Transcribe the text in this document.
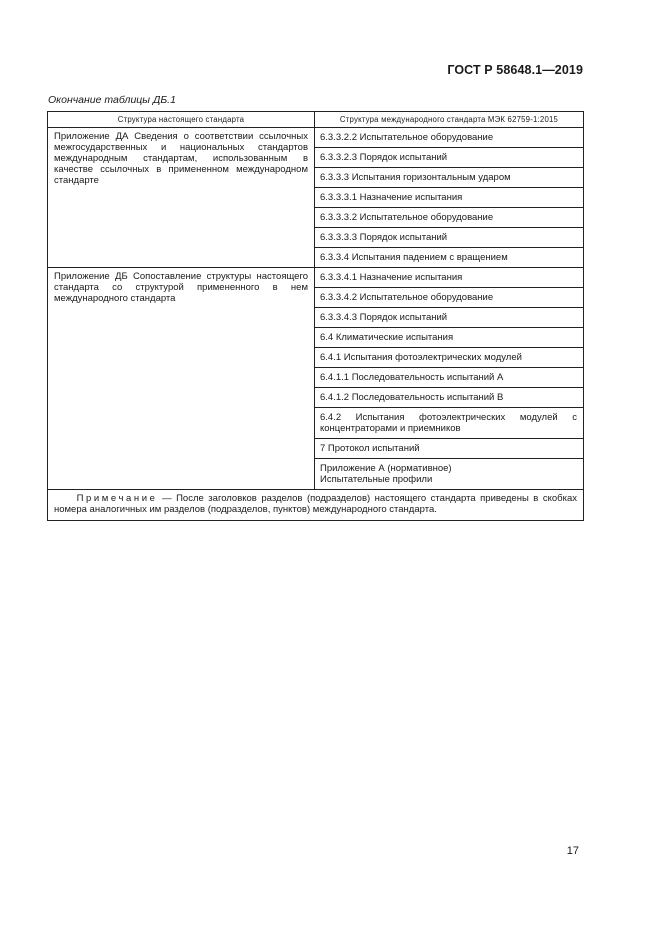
ГОСТ Р 58648.1—2019
Окончание таблицы ДБ.1
Структура настоящего стандарта	Структура международного стандарта МЭК 62759-1:2015
Приложение ДА Сведения о соответствии ссылочных межгосударственных и национальных стандартов международным стандартам, использованным в качестве ссылочных в примененном международном стандарте	6.3.3.2.2 Испытательное оборудование
	6.3.3.2.3 Порядок испытаний
	6.3.3.3 Испытания горизонтальным ударом
	6.3.3.3.1 Назначение испытания
	6.3.3.3.2 Испытательное оборудование
	6.3.3.3.3 Порядок испытаний
	6.3.3.4 Испытания падением с вращением
Приложение ДБ Сопоставление структуры настоящего стандарта со структурой примененного в нем международного стандарта	6.3.3.4.1 Назначение испытания
	6.3.3.4.2 Испытательное оборудование
	6.3.3.4.3 Порядок испытаний
	6.4 Климатические испытания
	6.4.1 Испытания фотоэлектрических модулей
	6.4.1.1 Последовательность испытаний А
	6.4.1.2 Последовательность испытаний В
	6.4.2 Испытания фотоэлектрических модулей с концентраторами и приемников
	7 Протокол испытаний

	Приложение А (нормативное)
Испытательные профили

Примечание — После заголовков разделов (подразделов) настоящего стандарта приведены в скобках номера аналогичных им разделов (подразделов, пунктов) международного стандарта.	
17
